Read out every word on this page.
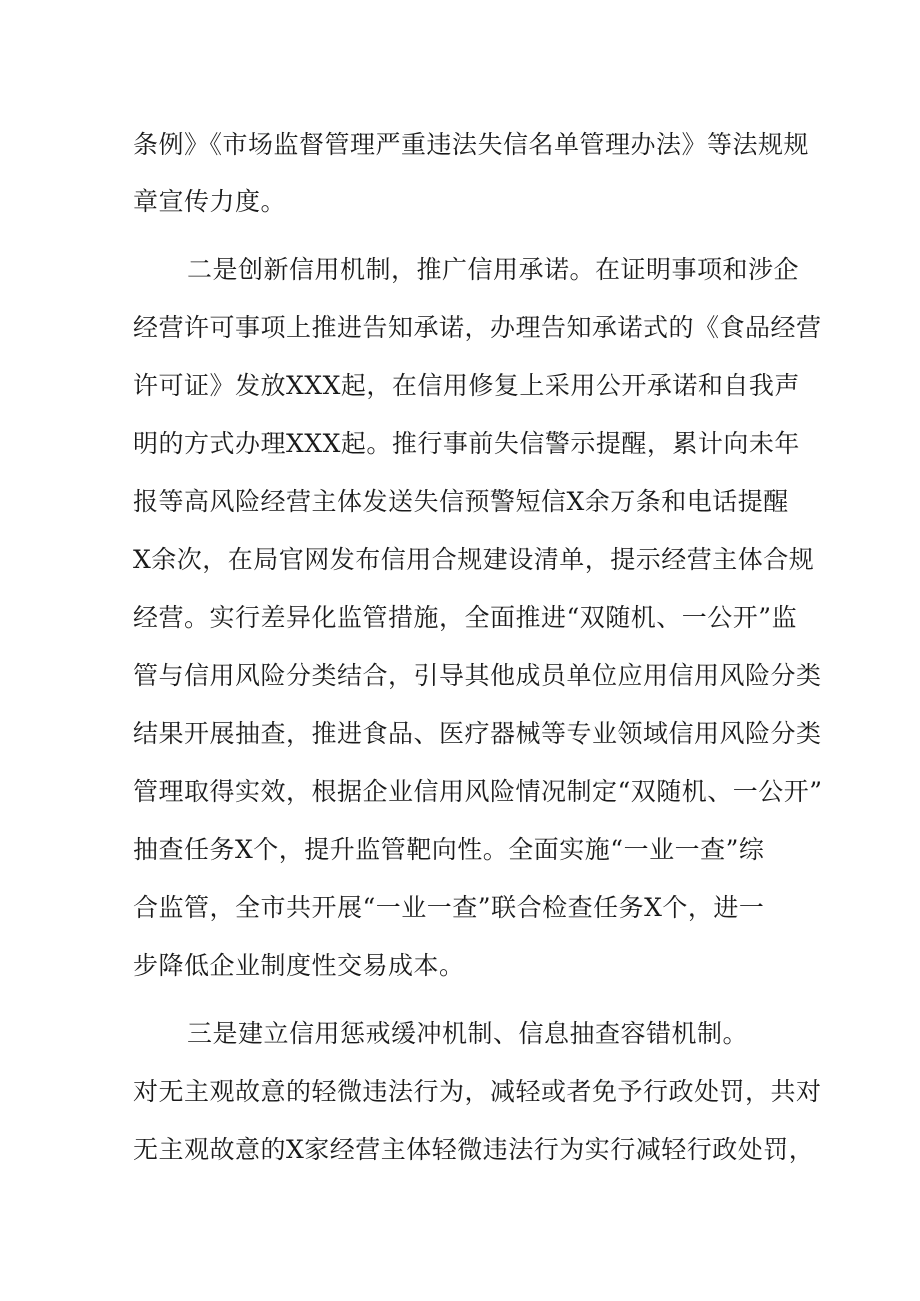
条例》《市场监督管理严重违法失信名单管理办法》等法规规
章宣传力度。
二是创新信用机制，推广信用承诺。在证明事项和涉企
经营许可事项上推进告知承诺，办理告知承诺式的《食品经营
许可证》发放XXX起，在信用修复上采用公开承诺和自我声
明的方式办理XXX起。推行事前失信警示提醒，累计向未年
报等高风险经营主体发送失信预警短信X余万条和电话提醒
X余次，在局官网发布信用合规建设清单，提示经营主体合规
经营。实行差异化监管措施，全面推进“双随机、一公开”监
管与信用风险分类结合，引导其他成员单位应用信用风险分类
结果开展抽查，推进食品、医疗器械等专业领域信用风险分类
管理取得实效，根据企业信用风险情况制定“双随机、一公开”
抽查任务X个，提升监管靶向性。全面实施“一业一查”综
合监管，全市共开展“一业一查”联合检查任务X个，进一
步降低企业制度性交易成本。
三是建立信用惩戒缓冲机制、信息抽查容错机制。
对无主观故意的轻微违法行为，减轻或者免予行政处罚，共对
无主观故意的X家经营主体轻微违法行为实行减轻行政处罚，
